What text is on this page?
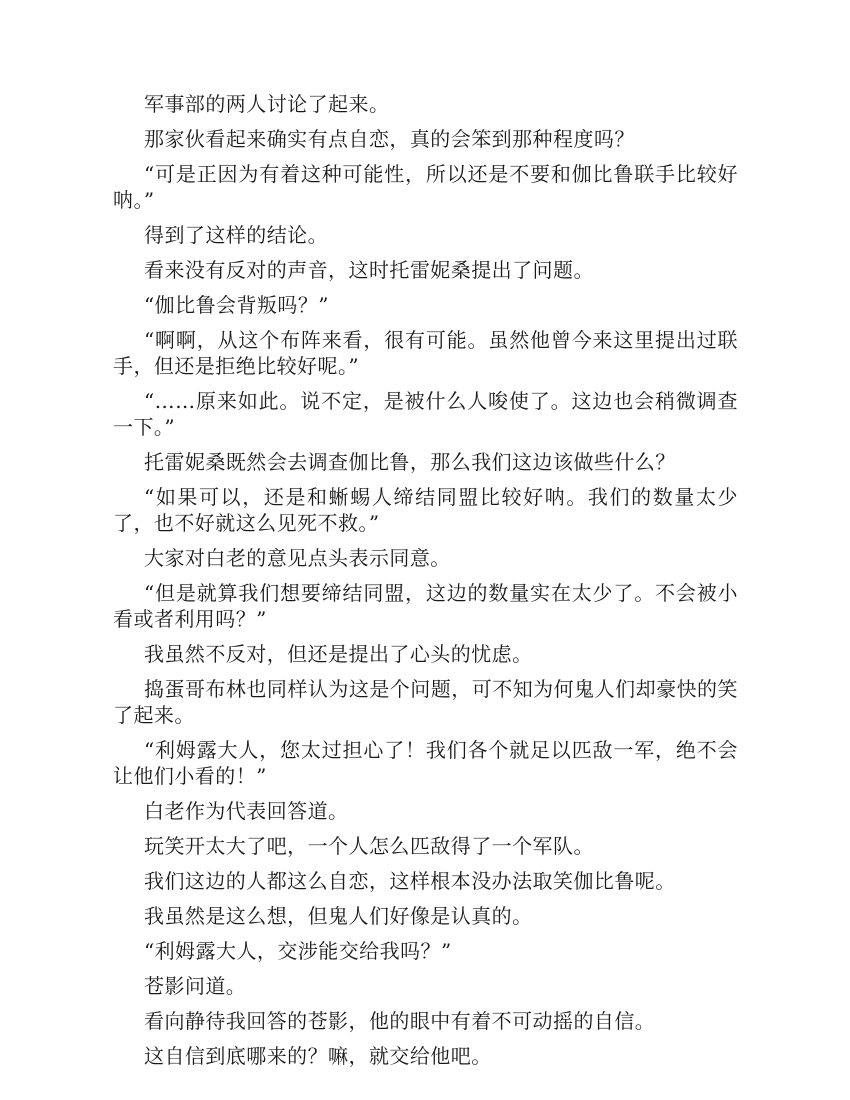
军事部的两人讨论了起来。

那家伙看起来确实有点自恋，真的会笨到那种程度吗？

“可是正因为有着这种可能性，所以还是不要和伽比鲁联手比较好呐。”

得到了这样的结论。

看来没有反对的声音，这时托雷妮桑提出了问题。

“伽比鲁会背叛吗？”

“啊啊，从这个布阵来看，很有可能。虽然他曾今来这里提出过联手，但还是拒绝比较好呢。”

“……原来如此。说不定，是被什么人唆使了。这边也会稍微调查一下。”

托雷妮桑既然会去调查伽比鲁，那么我们这边该做些什么？

“如果可以，还是和蜥蜴人缔结同盟比较好呐。我们的数量太少了，也不好就这么见死不救。”

大家对白老的意见点头表示同意。

“但是就算我们想要缔结同盟，这边的数量实在太少了。不会被小看或者利用吗？”

我虽然不反对，但还是提出了心头的忧虑。

捣蛋哥布林也同样认为这是个问题，可不知为何鬼人们却豪快的笑了起来。

“利姆露大人，您太过担心了！我们各个就足以匹敌一军，绝不会让他们小看的！”

白老作为代表回答道。

玩笑开太大了吧，一个人怎么匹敌得了一个军队。

我们这边的人都这么自恋，这样根本没办法取笑伽比鲁呢。

我虽然是这么想，但鬼人们好像是认真的。

“利姆露大人，交涉能交给我吗？”

苍影问道。

看向静待我回答的苍影，他的眼中有着不可动摇的自信。

这自信到底哪来的？嘛，就交给他吧。
